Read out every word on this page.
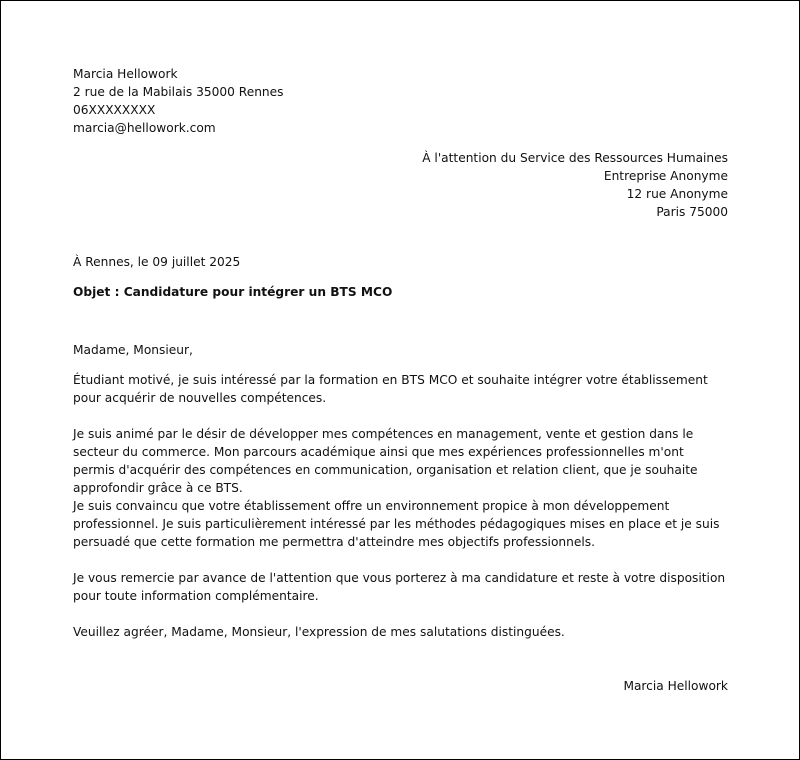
Marcia Hellowork
2 rue de la Mabilais 35000 Rennes
06XXXXXXXX
marcia@hellowork.com
À l'attention du Service des Ressources Humaines
Entreprise Anonyme
12 rue Anonyme
Paris 75000
À Rennes, le 09 juillet 2025
Objet : Candidature pour intégrer un BTS MCO
Madame, Monsieur,
Étudiant motivé, je suis intéressé par la formation en BTS MCO et souhaite intégrer votre établissement pour acquérir de nouvelles compétences.
Je suis animé par le désir de développer mes compétences en management, vente et gestion dans le secteur du commerce. Mon parcours académique ainsi que mes expériences professionnelles m'ont permis d'acquérir des compétences en communication, organisation et relation client, que je souhaite approfondir grâce à ce BTS.
Je suis convaincu que votre établissement offre un environnement propice à mon développement professionnel. Je suis particulièrement intéressé par les méthodes pédagogiques mises en place et je suis persuadé que cette formation me permettra d'atteindre mes objectifs professionnels.
Je vous remercie par avance de l'attention que vous porterez à ma candidature et reste à votre disposition pour toute information complémentaire.
Veuillez agréer, Madame, Monsieur, l'expression de mes salutations distinguées.
Marcia Hellowork
